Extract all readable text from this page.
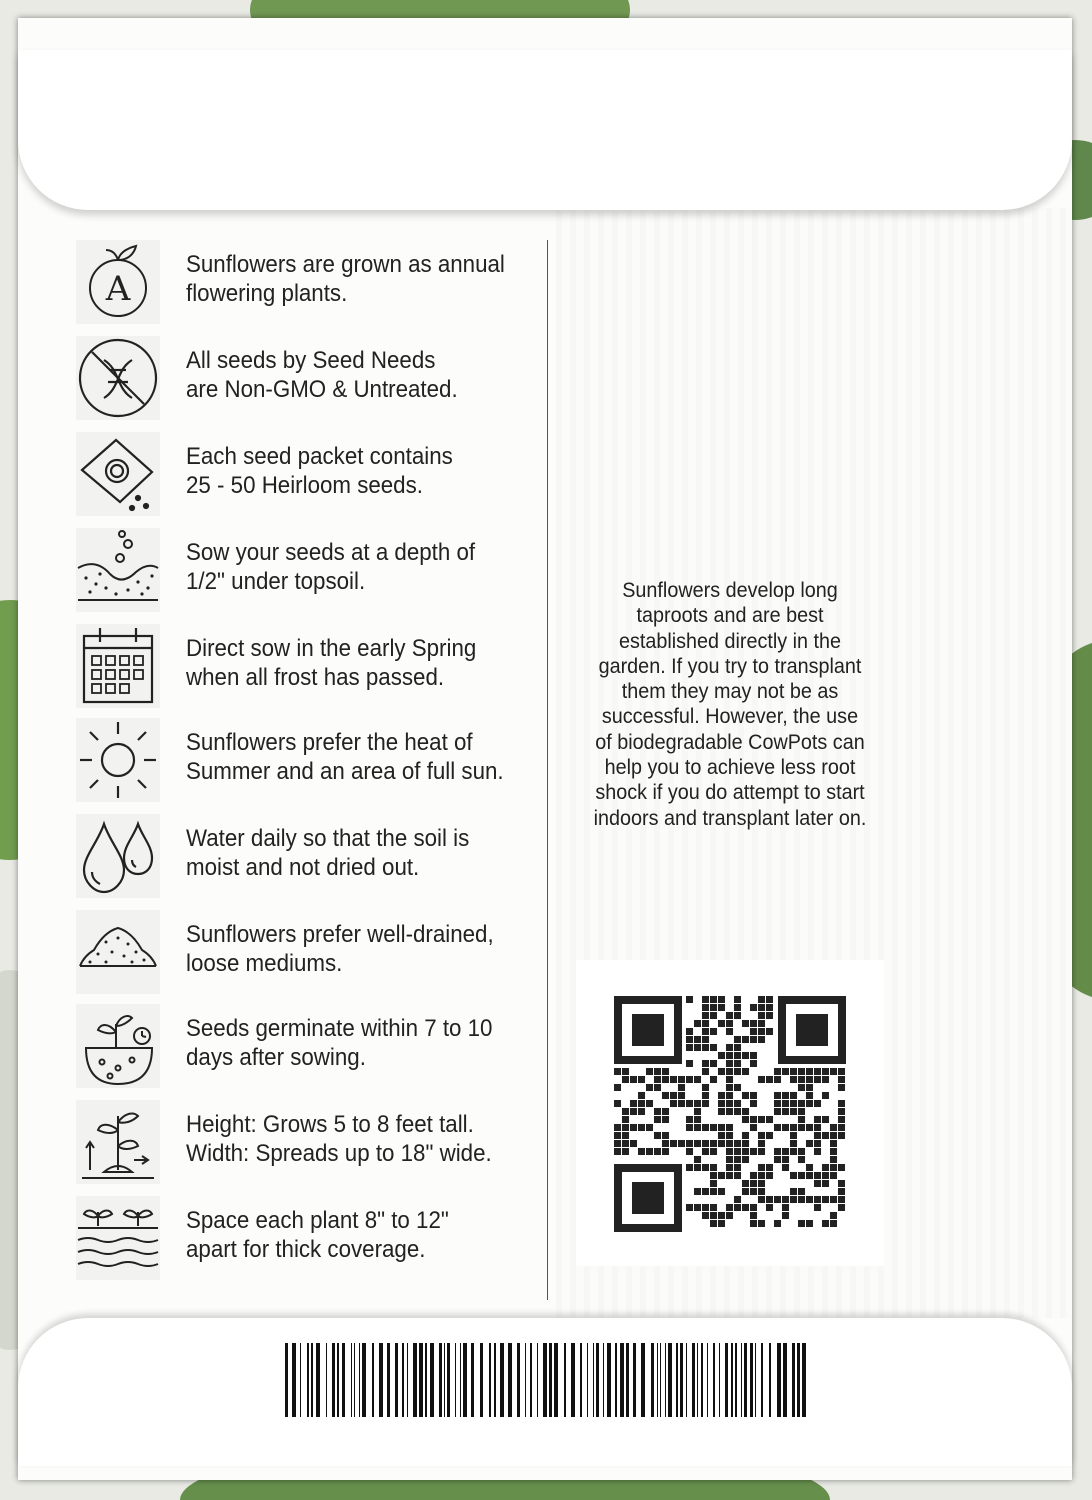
A
Sunflowers are grown as annual
flowering plants.
All seeds by Seed Needs
are Non-GMO & Untreated.
Each seed packet contains
25 - 50 Heirloom seeds.
Sow your seeds at a depth of
1/2" under topsoil.
Direct sow in the early Spring
when all frost has passed.
Sunflowers prefer the heat of
Summer and an area of full sun.
Water daily so that the soil is
moist and not dried out.
Sunflowers prefer well-drained,
loose mediums.
Seeds germinate within 7 to 10
days after sowing.
Height: Grows 5 to 8 feet tall.
Width: Spreads up to 18" wide.
Space each plant 8" to 12"
apart for thick coverage.
Sunflowers develop long
taproots and are best
established directly in the
garden. If you try to transplant
them they may not be as
successful. However, the use
of biodegradable CowPots can
help you to achieve less root
shock if you do attempt to start
indoors and transplant later on.
